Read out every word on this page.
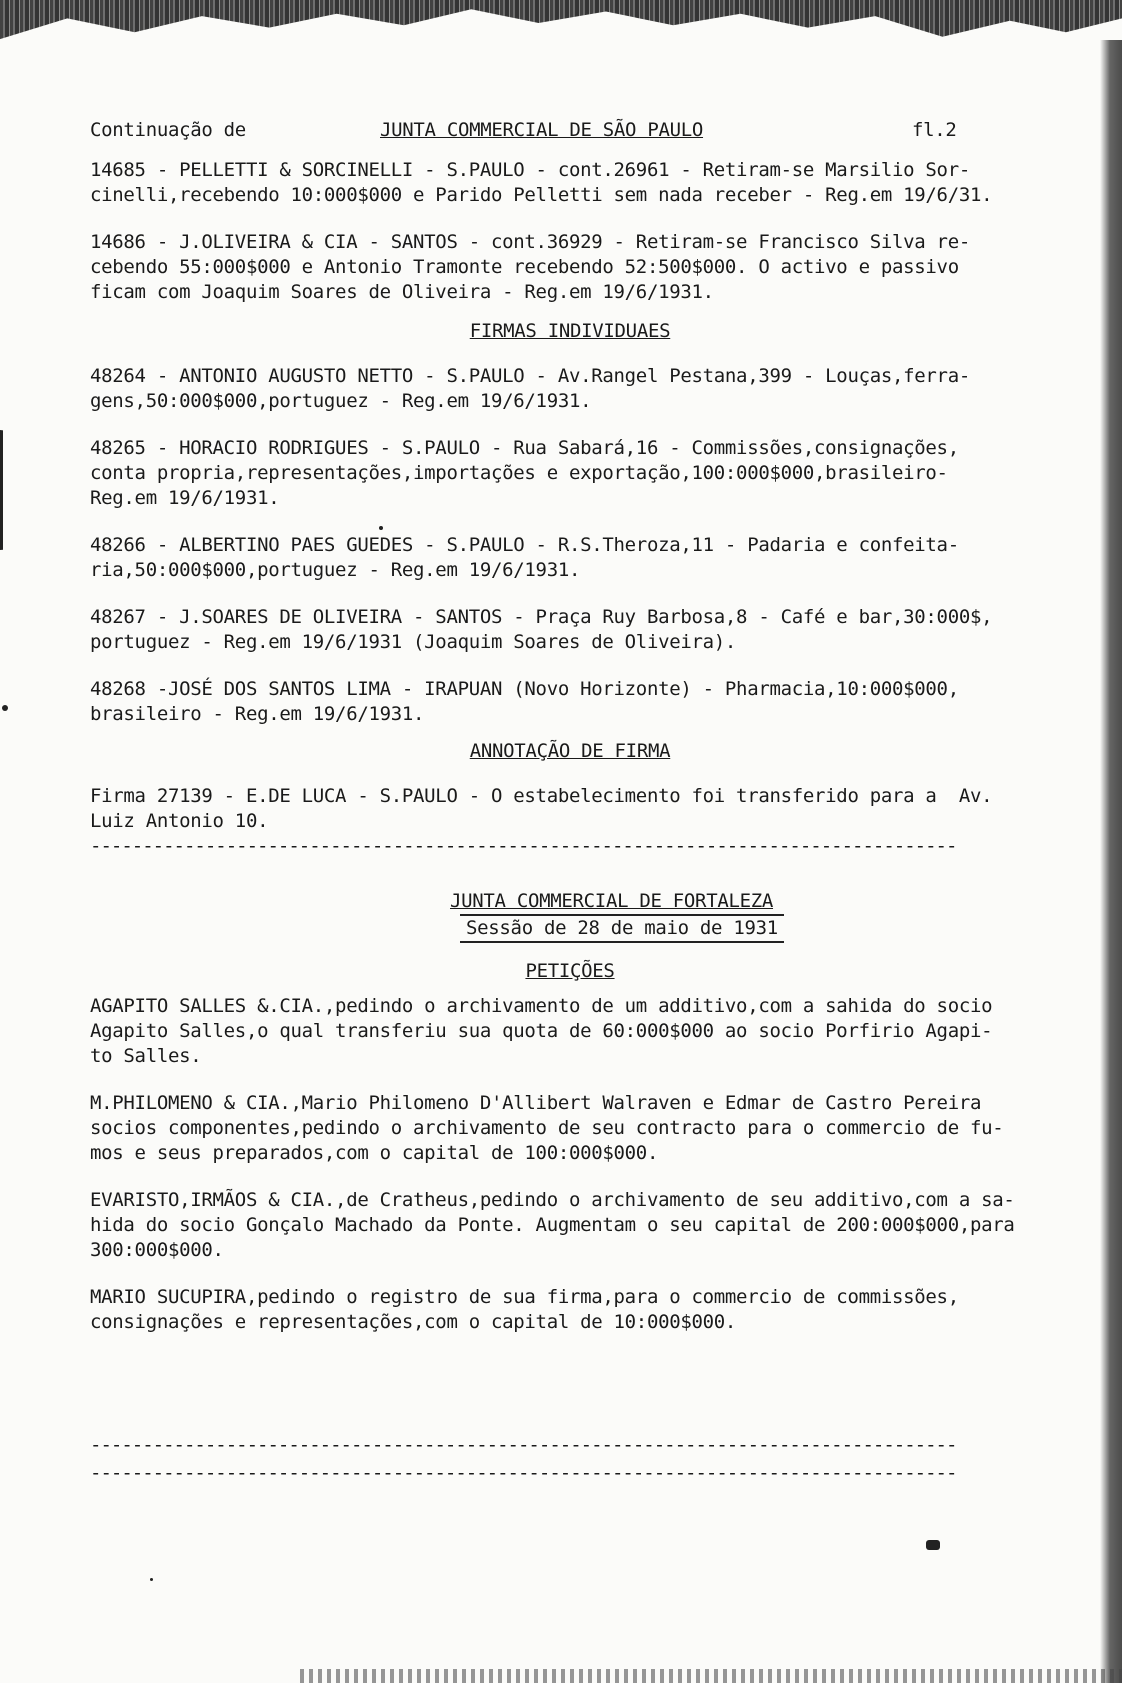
Continuação de	JUNTA COMMERCIAL DE SÃO PAULO	fl.2

14685 - PELLETTI & SORCINELLI - S.PAULO - cont.26961 - Retiram-se Marsilio Sor-

cinelli,recebendo 10:000$000 e Parido Pelletti sem nada receber - Reg.em 19/6/31.

14686 - J.OLIVEIRA & CIA - SANTOS - cont.36929 - Retiram-se Francisco Silva re-

cebendo 55:000$000 e Antonio Tramonte recebendo 52:500$000. O activo e passivo

ficam com Joaquim Soares de Oliveira - Reg.em 19/6/1931.

FIRMAS INDIVIDUAES

48264 - ANTONIO AUGUSTO NETTO - S.PAULO - Av.Rangel Pestana,399 - Louças,ferra-

gens,50:000$000,portuguez - Reg.em 19/6/1931.

48265 - HORACIO RODRIGUES - S.PAULO - Rua Sabará,16 - Commissões,consignações,

conta propria,representações,importações e exportação,100:000$000,brasileiro-

Reg.em 19/6/1931.

48266 - ALBERTINO PAES GUEDES - S.PAULO - R.S.Theroza,11 - Padaria e confeita-

ria,50:000$000,portuguez - Reg.em 19/6/1931.

48267 - J.SOARES DE OLIVEIRA - SANTOS - Praça Ruy Barbosa,8 - Café e bar,30:000$,

portuguez - Reg.em 19/6/1931 (Joaquim Soares de Oliveira).

48268 -JOSÉ DOS SANTOS LIMA - IRAPUAN (Novo Horizonte) - Pharmacia,10:000$000,

brasileiro - Reg.em 19/6/1931.

ANNOTAÇÃO DE FIRMA

Firma 27139 - E.DE LUCA - S.PAULO - O estabelecimento foi transferido para a  Av.

Luiz Antonio 10.

-----------------------------------------------------------------------------------
JUNTA COMMERCIAL DE FORTALEZA
Sessão de 28 de maio de 1931
PETIÇÕES

AGAPITO SALLES &.CIA.,pedindo o archivamento de um additivo,com a sahida do socio

Agapito Salles,o qual transferiu sua quota de 60:000$000 ao socio Porfirio Agapi-

to Salles.

M.PHILOMENO & CIA.,Mario Philomeno D'Allibert Walraven e Edmar de Castro Pereira

socios componentes,pedindo o archivamento de seu contracto para o commercio de fu-

mos e seus preparados,com o capital de 100:000$000.

EVARISTO,IRMÃOS & CIA.,de Cratheus,pedindo o archivamento de seu additivo,com a sa-

hida do socio Gonçalo Machado da Ponte. Augmentam o seu capital de 200:000$000,para

300:000$000.

MARIO SUCUPIRA,pedindo o registro de sua firma,para o commercio de commissões,

consignações e representações,com o capital de 10:000$000.

-----------------------------------------------------------------------------------
-----------------------------------------------------------------------------------
